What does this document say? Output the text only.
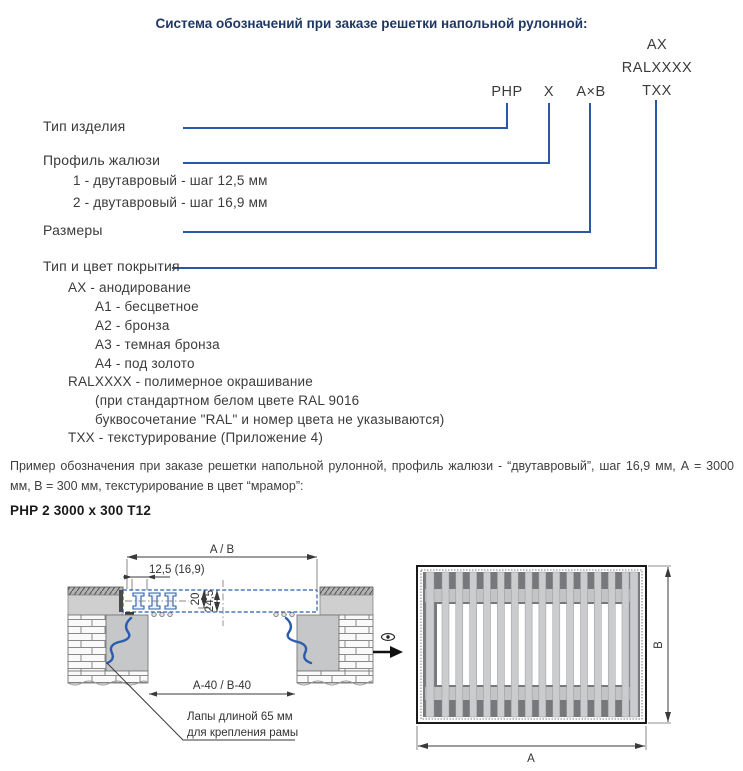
Система обозначений при заказе решетки напольной рулонной:
PHP X A×B
AX
RALXXXX
TXX
Тип изделия
Профиль жалюзи
1 - двутавровый - шаг 12,5 мм
2 - двутавровый - шаг 16,9 мм
Размеры
Тип и цвет покрытия
AX - анодирование
А1 - бесцветное
А2 - бронза
А3 - темная бронза
А4 - под золото
RALXXXX - полимерное окрашивание
(при стандартном белом цвете RAL 9016
буквосочетание "RAL" и номер цвета не указываются)
ТХХ - текстурирование (Приложение 4)
Пример обозначения при заказе решетки напольной рулонной, профиль жалюзи - “двутавровый”, шаг 16,9 мм, А = 3000 мм, В = 300 мм, текстурирование в цвет “мрамор”:
PHP 2 3000 x 300 T12
A / B
12,5 (16,9)
20 24,5
А-40 / В-40
Лапы длиной 65 мм
для крепления рамы
B
A
